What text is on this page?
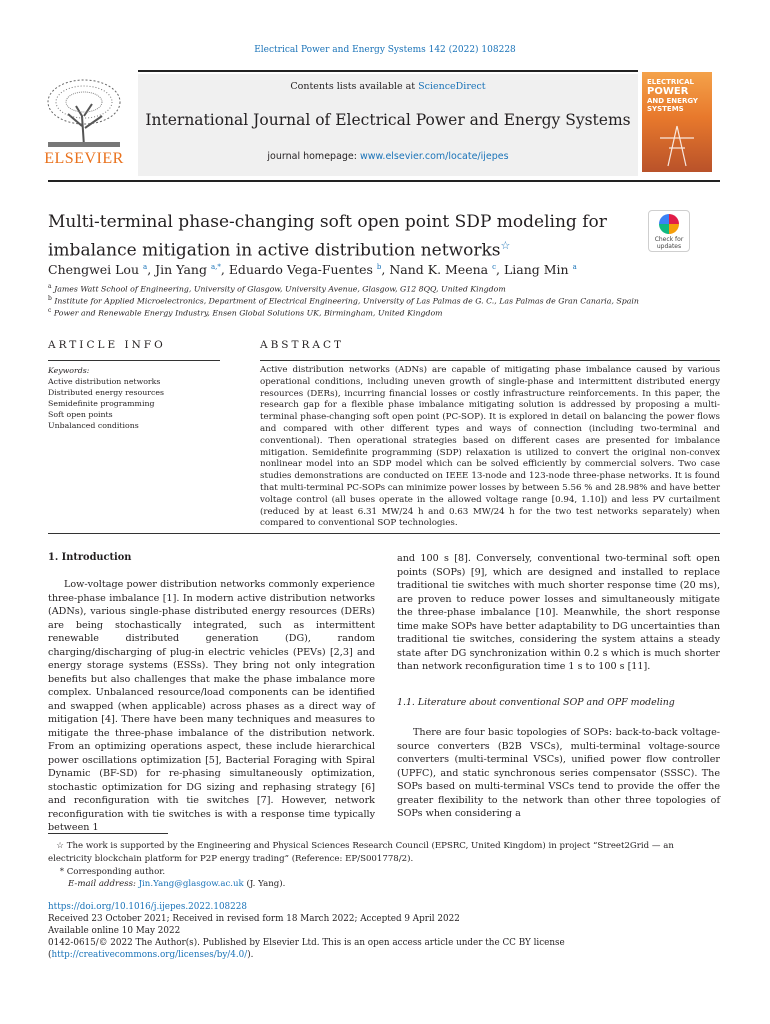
Electrical Power and Energy Systems 142 (2022) 108228
ELSEVIER
Contents lists available at ScienceDirect
International Journal of Electrical Power and Energy Systems
journal homepage: www.elsevier.com/locate/ijepes
ELECTRICAL
POWER
AND ENERGY
SYSTEMS
Multi-terminal phase-changing soft open point SDP modeling for imbalance mitigation in active distribution networks☆	Check for updates
Chengwei Lou $^a$, Jin Yang $^{a,*}$, Eduardo Vega-Fuentes $^b$, Nand K. Meena $^c$, Liang Min $^a$
$^a$ James Watt School of Engineering, University of Glasgow, University Avenue, Glasgow, G12 8QQ, United Kingdom
$^b$ Institute for Applied Microelectronics, Department of Electrical Engineering, University of Las Palmas de G. C., Las Palmas de Gran Canaria, Spain
$^c$ Power and Renewable Energy Industry, Ensen Global Solutions UK, Birmingham, United Kingdom
ARTICLE INFO	ABSTRACT
Keywords:
Active distribution networks
Distributed energy resources
Semidefinite programming
Soft open points
Unbalanced conditions
Active distribution networks (ADNs) are capable of mitigating phase imbalance caused by various operational conditions, including uneven growth of single-phase and intermittent distributed energy resources (DERs), incurring financial losses or costly infrastructure reinforcements. In this paper, the research gap for a flexible phase imbalance mitigating solution is addressed by proposing a multi-terminal phase-changing soft open point (PC-SOP). It is explored in detail on balancing the power flows and compared with other different types and ways of connection (including two-terminal and conventional). Then operational strategies based on different cases are presented for imbalance mitigation. Semidefinite programming (SDP) relaxation is utilized to convert the original non-convex nonlinear model into an SDP model which can be solved efficiently by commercial solvers. Two case studies demonstrations are conducted on IEEE 13-node and 123-node three-phase networks. It is found that multi-terminal PC-SOPs can minimize power losses by between 5.56 % and 28.98% and have better voltage control (all buses operate in the allowed voltage range [0.94, 1.10]) and less PV curtailment (reduced by at least 6.31 MW/24 h and 0.63 MW/24 h for the two test networks separately) when compared to conventional SOP technologies.
1. Introduction

Low-voltage power distribution networks commonly experience three-phase imbalance [1]. In modern active distribution networks (ADNs), various single-phase distributed energy resources (DERs) are being stochastically integrated, such as intermittent renewable distributed generation (DG), random charging/discharging of plug-in electric vehicles (PEVs) [2,3] and energy storage systems (ESSs). They bring not only integration benefits but also challenges that make the phase imbalance more complex. Unbalanced resource/load components can be identified and swapped (when applicable) across phases as a direct way of mitigation [4]. There have been many techniques and measures to mitigate the three-phase imbalance of the distribution network. From an optimizing operations aspect, these include hierarchical power oscillations optimization [5], Bacterial Foraging with Spiral Dynamic (BF-SD) for re-phasing simultaneously optimization, stochastic optimization for DG sizing and rephasing strategy [6] and reconfiguration with tie switches [7]. However, network reconfiguration with tie switches is with a response time typically between 1

and 100 s [8]. Conversely, conventional two-terminal soft open points (SOPs) [9], which are designed and installed to replace traditional tie switches with much shorter response time (20 ms), are proven to reduce power losses and simultaneously mitigate the three-phase imbalance [10]. Meanwhile, the short response time make SOPs have better adaptability to DG uncertainties than traditional tie switches, considering the system attains a steady state after DG synchronization within 0.2 s which is much shorter than network reconfiguration time 1 s to 100 s [11].

1.1. Literature about conventional SOP and OPF modeling

There are four basic topologies of SOPs: back-to-back voltage-source converters (B2B VSCs), multi-terminal voltage-source converters (multi-terminal VSCs), unified power flow controller (UPFC), and static synchronous series compensator (SSSC). The SOPs based on multi-terminal VSCs tend to provide the offer the greater flexibility to the network than other three topologies of SOPs when considering a

☆ The work is supported by the Engineering and Physical Sciences Research Council (EPSRC, United Kingdom) in project “Street2Grid — an electricity blockchain platform for P2P energy trading” (Reference: EP/S001778/2).
* Corresponding author.
E-mail address: Jin.Yang@glasgow.ac.uk (J. Yang).
https://doi.org/10.1016/j.ijepes.2022.108228
Received 23 October 2021; Received in revised form 18 March 2022; Accepted 9 April 2022
Available online 10 May 2022
0142-0615/© 2022 The Author(s). Published by Elsevier Ltd. This is an open access article under the CC BY license (http://creativecommons.org/licenses/by/4.0/).
